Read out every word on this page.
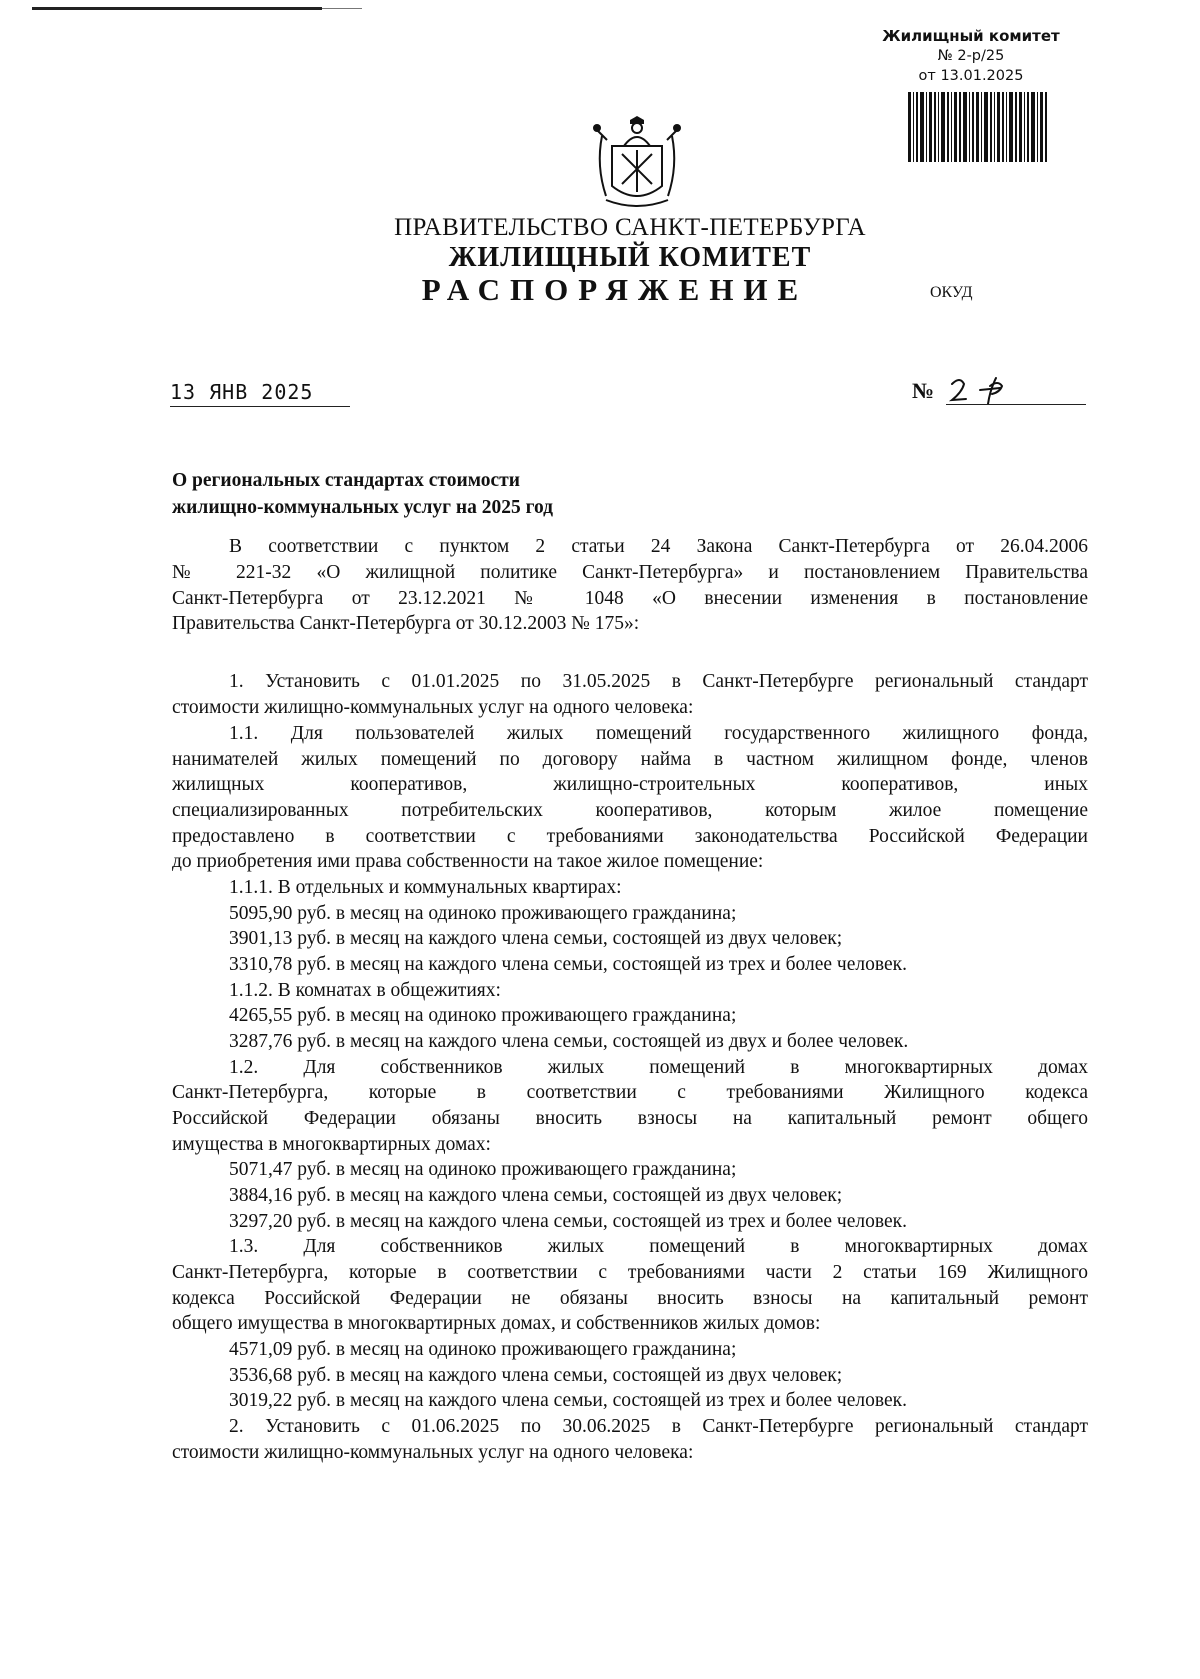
Жилищный комитет
№ 2-р/25
от 13.01.2025
ПРАВИТЕЛЬСТВО САНКТ-ПЕТЕРБУРГА
ЖИЛИЩНЫЙ КОМИТЕТ
РАСПОРЯЖЕНИЕ	ОКУД
13 ЯНВ 2025	№
О региональных стандартах стоимости
жилищно-коммунальных услуг на 2025 год
В соответствии с пунктом 2 статьи 24 Закона Санкт-Петербурга от 26.04.2006
№ 221-32 «О жилищной политике Санкт-Петербурга» и постановлением Правительства
Санкт-Петербурга от 23.12.2021 № 1048 «О внесении изменения в постановление
Правительства Санкт-Петербурга от 30.12.2003 № 175»:
1. Установить с 01.01.2025 по 31.05.2025 в Санкт-Петербурге региональный стандарт
стоимости жилищно-коммунальных услуг на одного человека:
1.1. Для пользователей жилых помещений государственного жилищного фонда,
нанимателей жилых помещений по договору найма в частном жилищном фонде, членов
жилищных кооперативов, жилищно-строительных кооперативов, иных
специализированных потребительских кооперативов, которым жилое помещение
предоставлено в соответствии с требованиями законодательства Российской Федерации
до приобретения ими права собственности на такое жилое помещение:
1.1.1. В отдельных и коммунальных квартирах:
5095,90 руб. в месяц на одиноко проживающего гражданина;
3901,13 руб. в месяц на каждого члена семьи, состоящей из двух человек;
3310,78 руб. в месяц на каждого члена семьи, состоящей из трех и более человек.
1.1.2. В комнатах в общежитиях:
4265,55 руб. в месяц на одиноко проживающего гражданина;
3287,76 руб. в месяц на каждого члена семьи, состоящей из двух и более человек.
1.2. Для собственников жилых помещений в многоквартирных домах
Санкт-Петербурга, которые в соответствии с требованиями Жилищного кодекса
Российской Федерации обязаны вносить взносы на капитальный ремонт общего
имущества в многоквартирных домах:
5071,47 руб. в месяц на одиноко проживающего гражданина;
3884,16 руб. в месяц на каждого члена семьи, состоящей из двух человек;
3297,20 руб. в месяц на каждого члена семьи, состоящей из трех и более человек.
1.3. Для собственников жилых помещений в многоквартирных домах
Санкт-Петербурга, которые в соответствии с требованиями части 2 статьи 169 Жилищного
кодекса Российской Федерации не обязаны вносить взносы на капитальный ремонт
общего имущества в многоквартирных домах, и собственников жилых домов:
4571,09 руб. в месяц на одиноко проживающего гражданина;
3536,68 руб. в месяц на каждого члена семьи, состоящей из двух человек;
3019,22 руб. в месяц на каждого члена семьи, состоящей из трех и более человек.
2. Установить с 01.06.2025 по 30.06.2025 в Санкт-Петербурге региональный стандарт
стоимости жилищно-коммунальных услуг на одного человека:
